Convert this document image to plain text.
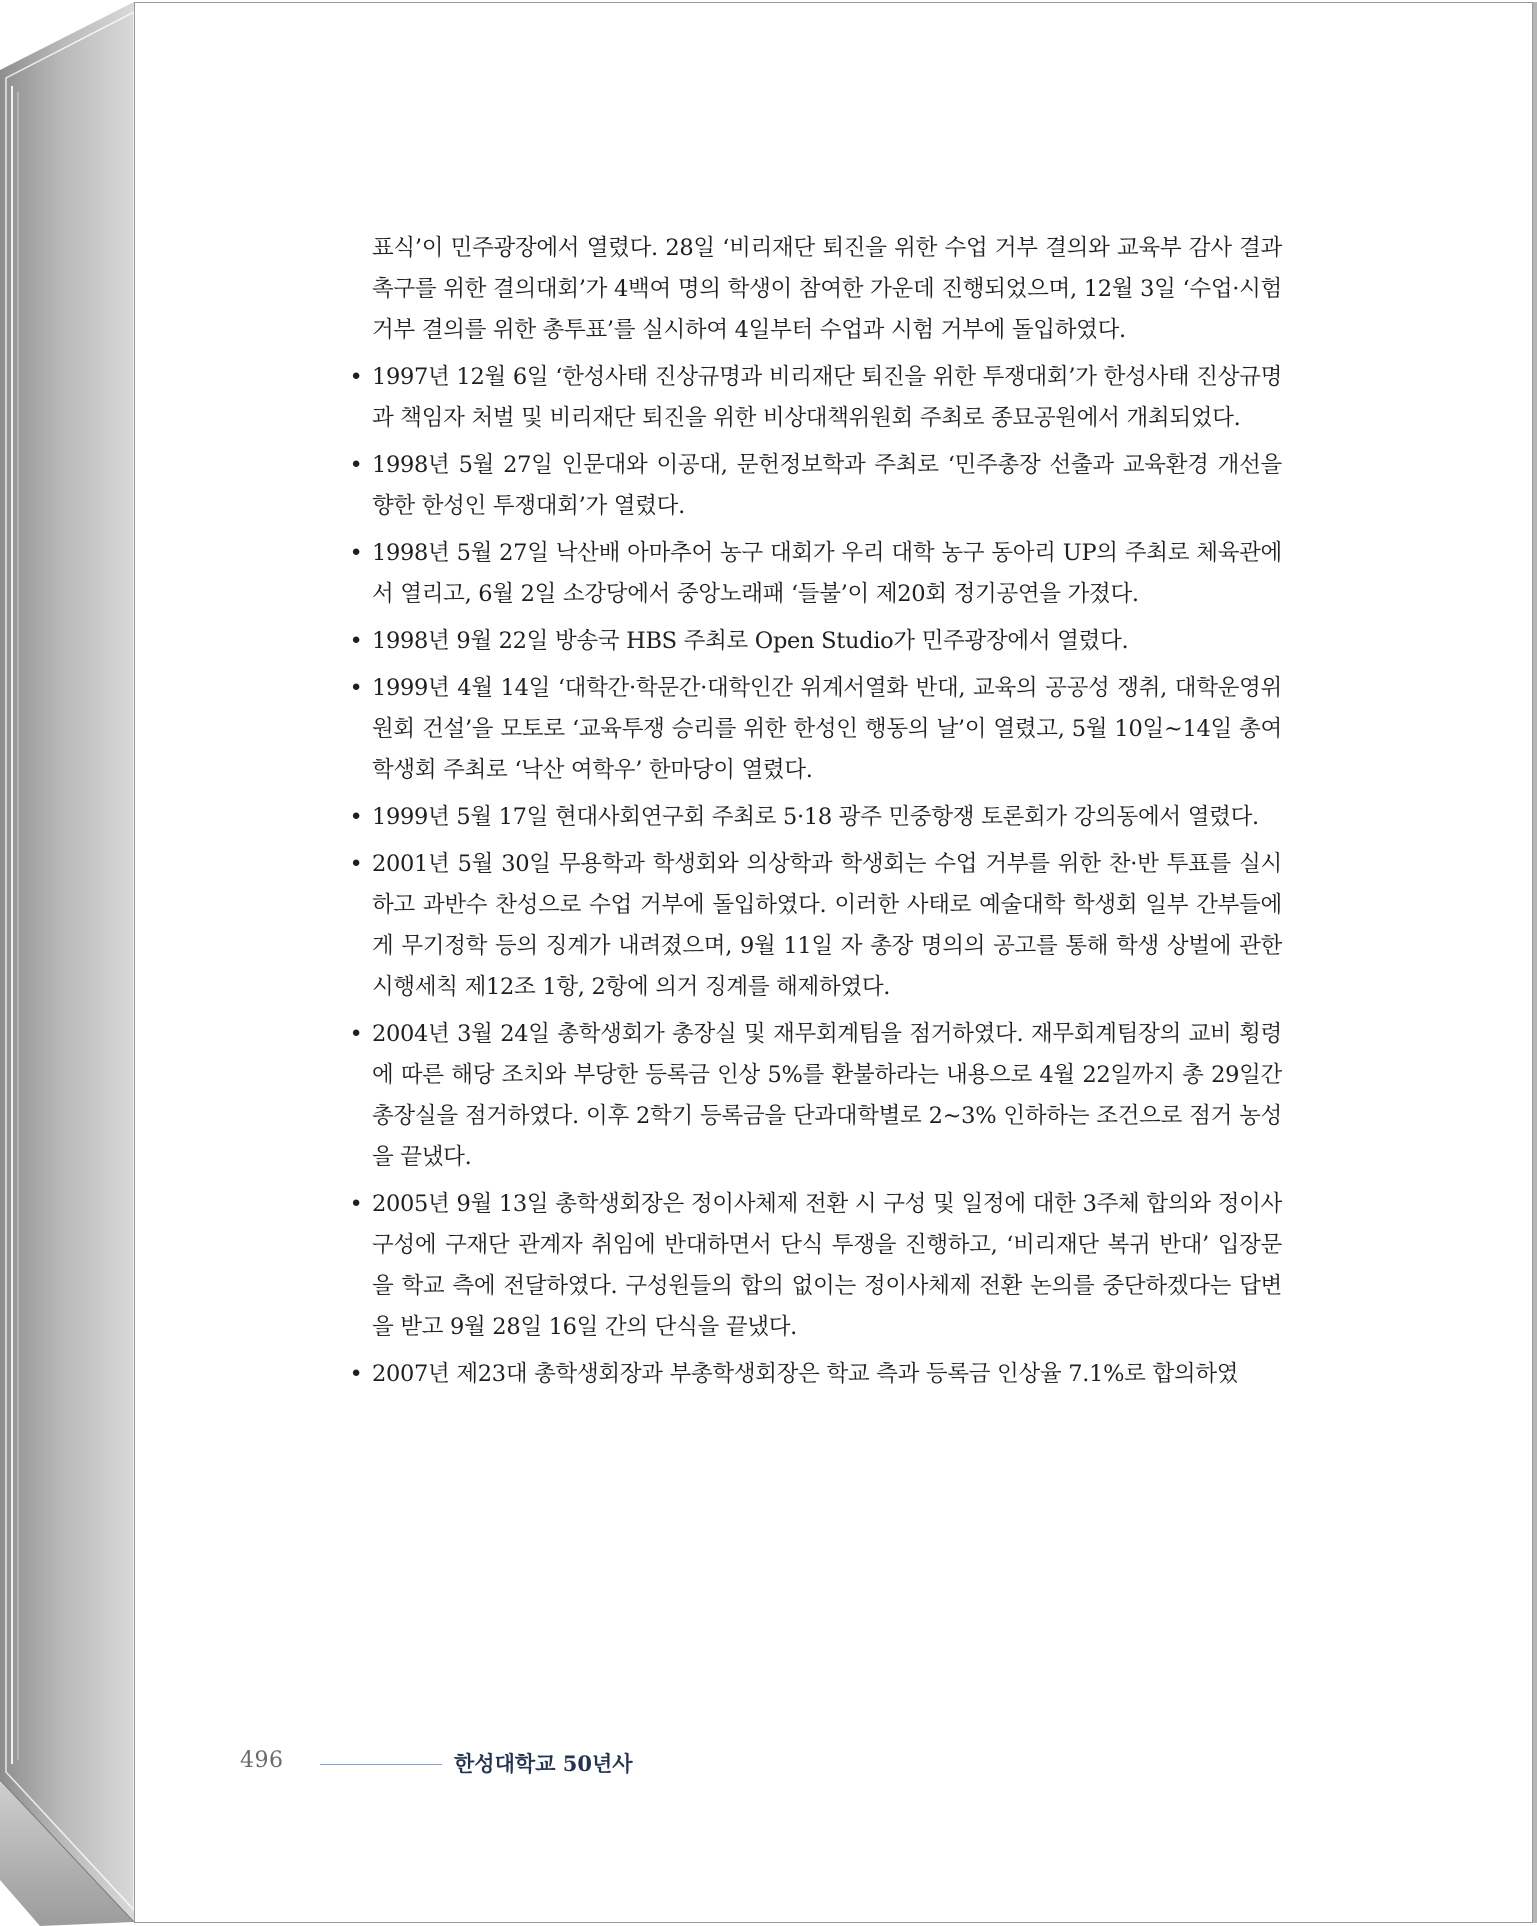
표식’이 민주광장에서 열렸다. 28일 ‘비리재단 퇴진을 위한 수업 거부 결의와 교육부 감사 결과 촉구를 위한 결의대회’가 4백여 명의 학생이 참여한 가운데 진행되었으며, 12월 3일 ‘수업·시험 거부 결의를 위한 총투표’를 실시하여 4일부터 수업과 시험 거부에 돌입하였다.

• 1997년 12월 6일 ‘한성사태 진상규명과 비리재단 퇴진을 위한 투쟁대회’가 한성사태 진상규명과 책임자 처벌 및 비리재단 퇴진을 위한 비상대책위원회 주최로 종묘공원에서 개최되었다.
• 1998년 5월 27일 인문대와 이공대, 문헌정보학과 주최로 ‘민주총장 선출과 교육환경 개선을 향한 한성인 투쟁대회’가 열렸다.
• 1998년 5월 27일 낙산배 아마추어 농구 대회가 우리 대학 농구 동아리 UP의 주최로 체육관에서 열리고, 6월 2일 소강당에서 중앙노래패 ‘들불’이 제20회 정기공연을 가졌다.
• 1998년 9월 22일 방송국 HBS 주최로 Open Studio가 민주광장에서 열렸다.
• 1999년 4월 14일 ‘대학간·학문간·대학인간 위계서열화 반대, 교육의 공공성 쟁취, 대학운영위원회 건설’을 모토로 ‘교육투쟁 승리를 위한 한성인 행동의 날’이 열렸고, 5월 10일~14일 총여학생회 주최로 ‘낙산 여학우’ 한마당이 열렸다.
• 1999년 5월 17일 현대사회연구회 주최로 5·18 광주 민중항쟁 토론회가 강의동에서 열렸다.
• 2001년 5월 30일 무용학과 학생회와 의상학과 학생회는 수업 거부를 위한 찬·반 투표를 실시하고 과반수 찬성으로 수업 거부에 돌입하였다. 이러한 사태로 예술대학 학생회 일부 간부들에게 무기정학 등의 징계가 내려졌으며, 9월 11일 자 총장 명의의 공고를 통해 학생 상벌에 관한 시행세칙 제12조 1항, 2항에 의거 징계를 해제하였다.
• 2004년 3월 24일 총학생회가 총장실 및 재무회계팀을 점거하였다. 재무회계팀장의 교비 횡령에 따른 해당 조치와 부당한 등록금 인상 5%를 환불하라는 내용으로 4월 22일까지 총 29일간 총장실을 점거하였다. 이후 2학기 등록금을 단과대학별로 2~3% 인하하는 조건으로 점거 농성을 끝냈다.
• 2005년 9월 13일 총학생회장은 정이사체제 전환 시 구성 및 일정에 대한 3주체 합의와 정이사 구성에 구재단 관계자 취임에 반대하면서 단식 투쟁을 진행하고, ‘비리재단 복귀 반대’ 입장문을 학교 측에 전달하였다. 구성원들의 합의 없이는 정이사체제 전환 논의를 중단하겠다는 답변을 받고 9월 28일 16일 간의 단식을 끝냈다.
• 2007년 제23대 총학생회장과 부총학생회장은 학교 측과 등록금 인상율 7.1%로 합의하였
496	한성대학교 50년사
